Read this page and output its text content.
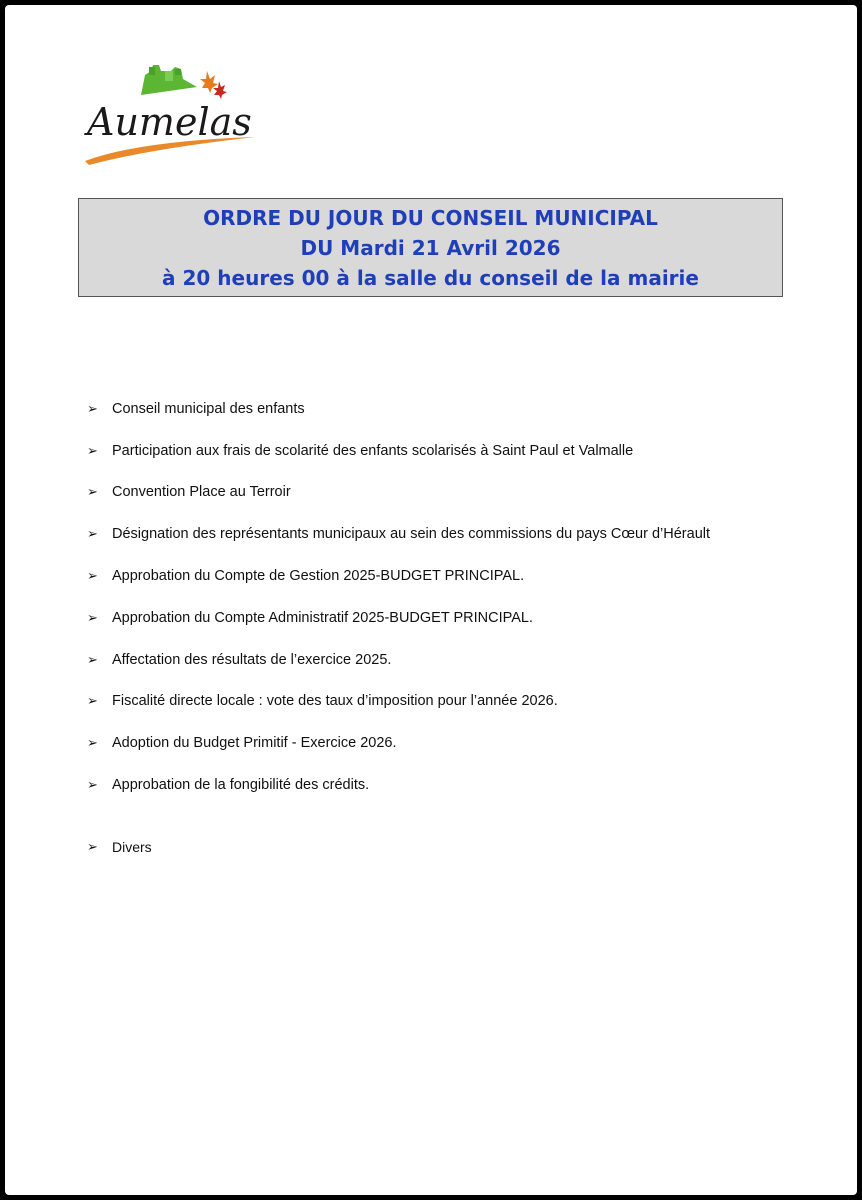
Aumelas
ORDRE DU JOUR DU CONSEIL MUNICIPAL
DU Mardi 21 Avril 2026
à 20 heures 00 à la salle du conseil de la mairie
➢ Conseil municipal des enfants
➢ Participation aux frais de scolarité des enfants scolarisés à Saint Paul et Valmalle
➢ Convention Place au Terroir
➢ Désignation des représentants municipaux au sein des commissions du pays Cœur d’Hérault
➢ Approbation du Compte de Gestion 2025-BUDGET PRINCIPAL.
➢ Approbation du Compte Administratif 2025-BUDGET PRINCIPAL.
➢ Affectation des résultats de l’exercice 2025.
➢ Fiscalité directe locale : vote des taux d’imposition pour l’année 2026.
➢ Adoption du Budget Primitif - Exercice 2026.
➢ Approbation de la fongibilité des crédits.
➢	Divers
